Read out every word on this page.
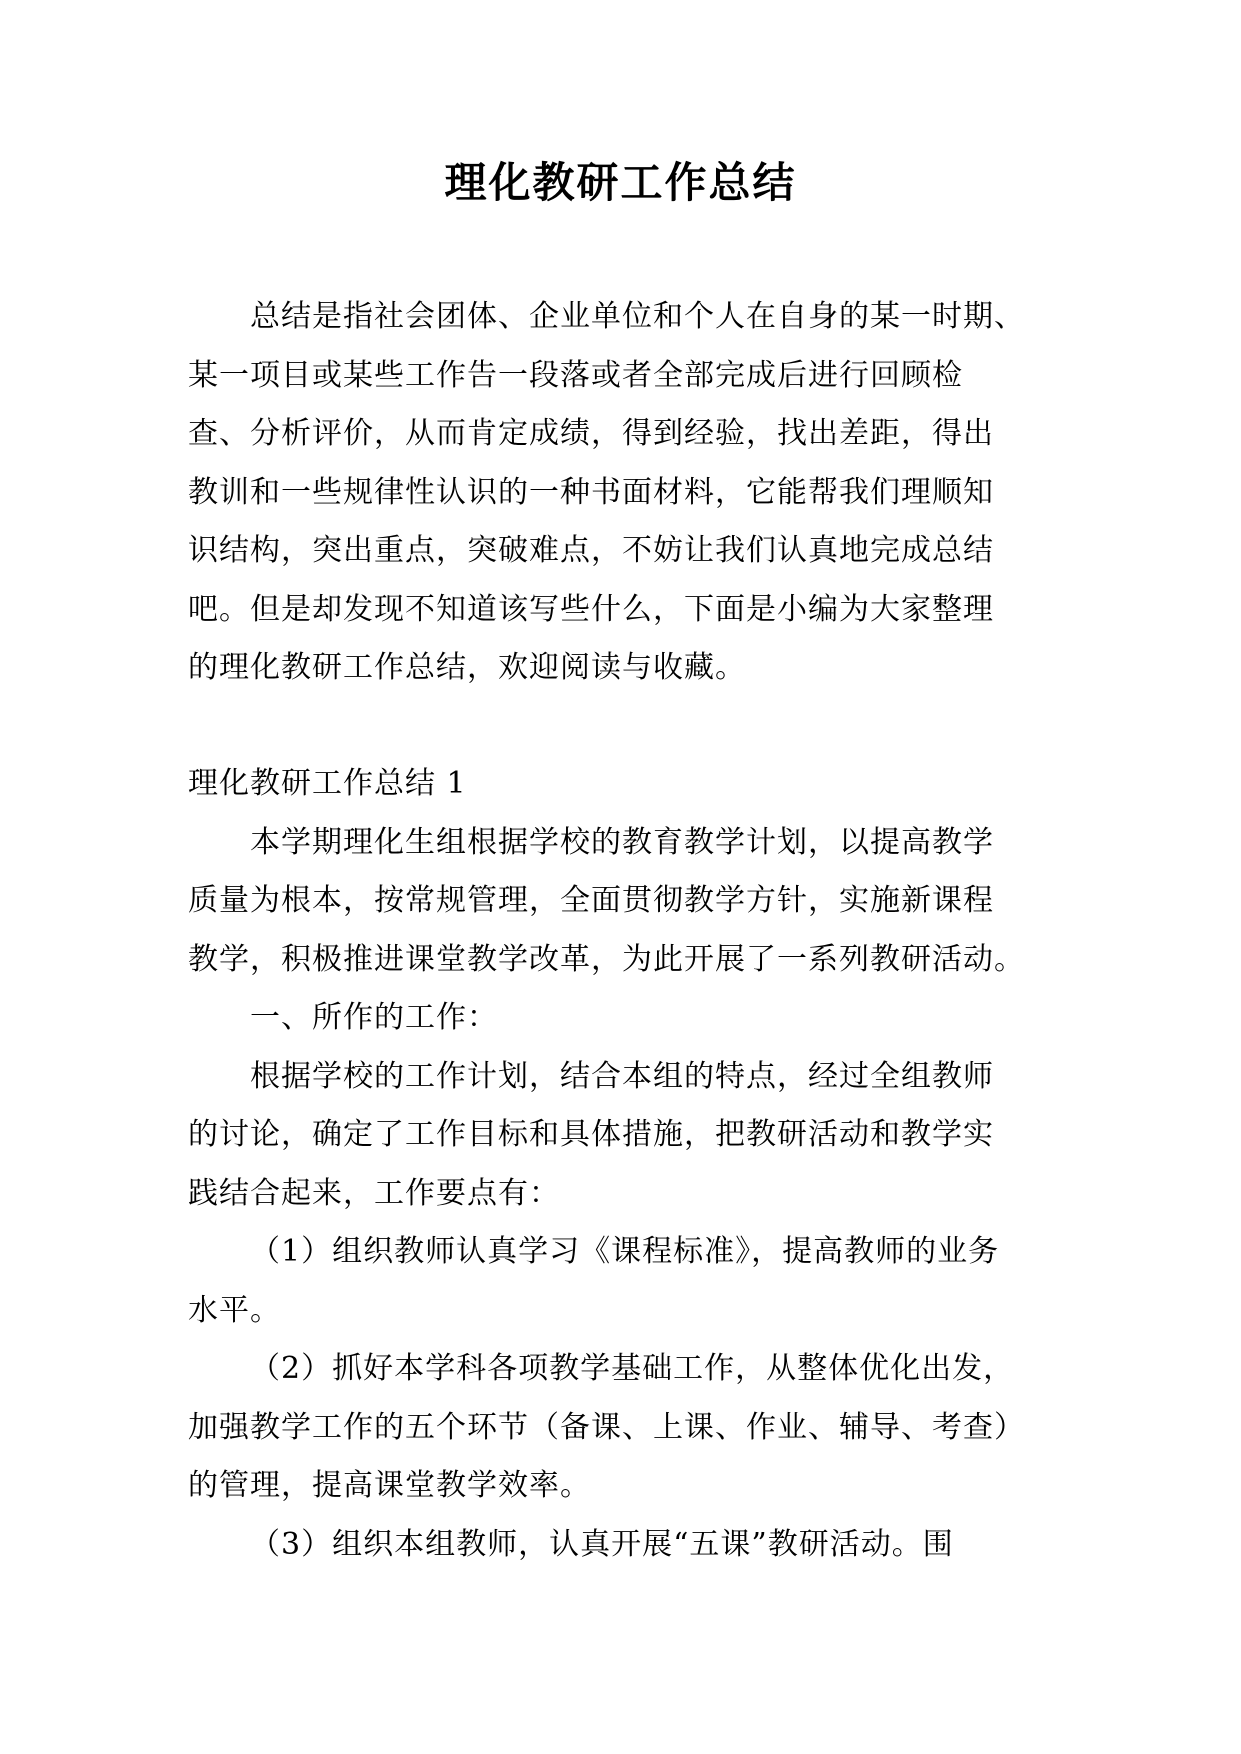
理化教研工作总结
总结是指社会团体、企业单位和个人在自身的某一时期、
某一项目或某些工作告一段落或者全部完成后进行回顾检
查、分析评价，从而肯定成绩，得到经验，找出差距，得出
教训和一些规律性认识的一种书面材料，它能帮我们理顺知
识结构，突出重点，突破难点，不妨让我们认真地完成总结
吧。但是却发现不知道该写些什么，下面是小编为大家整理
的理化教研工作总结，欢迎阅读与收藏。
理化教研工作总结 1
本学期理化生组根据学校的教育教学计划，以提高教学
质量为根本，按常规管理，全面贯彻教学方针，实施新课程
教学，积极推进课堂教学改革，为此开展了一系列教研活动。
一、所作的工作：
根据学校的工作计划，结合本组的特点，经过全组教师
的讨论，确定了工作目标和具体措施，把教研活动和教学实
践结合起来，工作要点有：
（1）组织教师认真学习《课程标准》，提高教师的业务
水平。
（2）抓好本学科各项教学基础工作，从整体优化出发，
加强教学工作的五个环节（备课、上课、作业、辅导、考查）
的管理，提高课堂教学效率。
（3）组织本组教师，认真开展“五课”教研活动。围
